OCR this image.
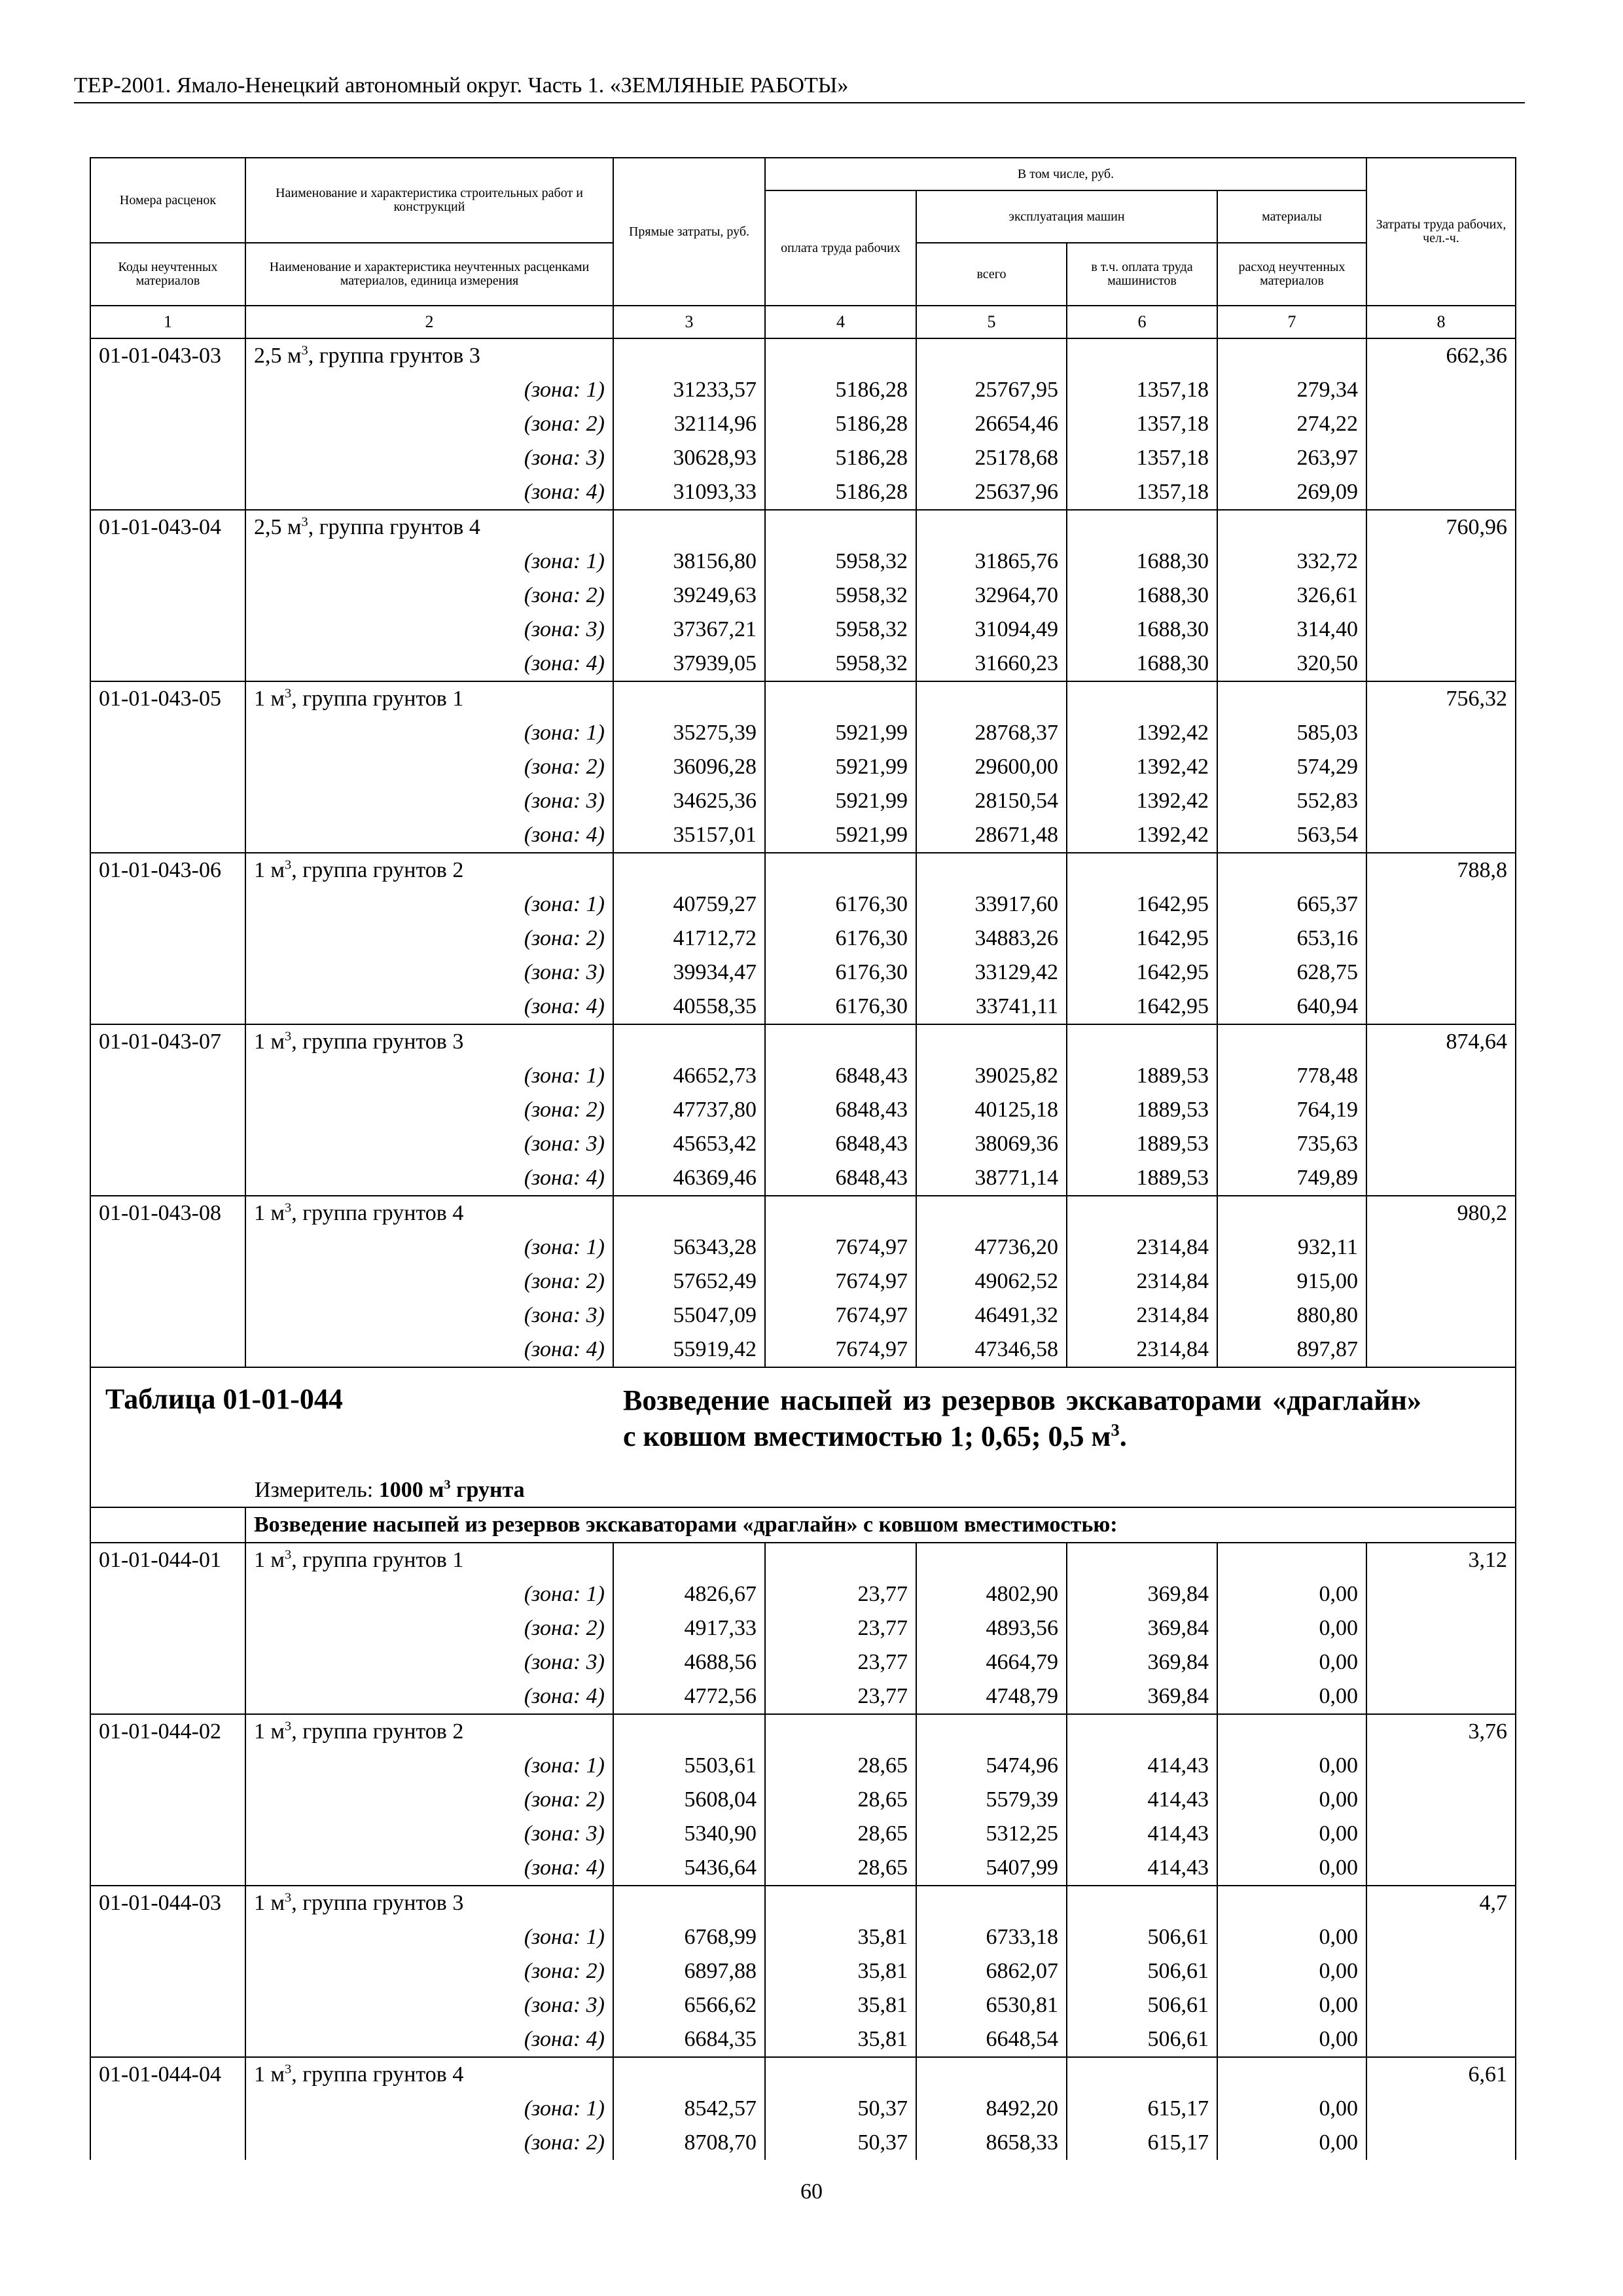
ТЕР-2001. Ямало-Ненецкий автономный округ. Часть 1. «ЗЕМЛЯНЫЕ РАБОТЫ»
Номера расценок	Наименование и характеристика строительных работ и конструкций	Прямые затраты, руб.	В том числе, руб.				Затраты труда рабочих, чел.-ч.
			оплата труда рабочих	эксплуатация машин		материалы	
Коды неучтенных материалов	Наименование и характеристика неучтенных расценками материалов, единица измерения			всего	в т.ч. оплата труда машинистов	расход неучтенных материалов	
1	2	3	4	5	6	7	8
01-01-043-03	2,5 $м^3$, группа грунтов 3						662,36
	(зона: 1)	31233,57	5186,28	25767,95	1357,18	279,34	
	(зона: 2)	32114,96	5186,28	26654,46	1357,18	274,22	
	(зона: 3)	30628,93	5186,28	25178,68	1357,18	263,97	
	(зона: 4)	31093,33	5186,28	25637,96	1357,18	269,09	
01-01-043-04	2,5 $м^3$, группа грунтов 4						760,96
	(зона: 1)	38156,80	5958,32	31865,76	1688,30	332,72	
	(зона: 2)	39249,63	5958,32	32964,70	1688,30	326,61	
	(зона: 3)	37367,21	5958,32	31094,49	1688,30	314,40	
	(зона: 4)	37939,05	5958,32	31660,23	1688,30	320,50	
01-01-043-05	1 $м^3$, группа грунтов 1						756,32
	(зона: 1)	35275,39	5921,99	28768,37	1392,42	585,03	
	(зона: 2)	36096,28	5921,99	29600,00	1392,42	574,29	
	(зона: 3)	34625,36	5921,99	28150,54	1392,42	552,83	
	(зона: 4)	35157,01	5921,99	28671,48	1392,42	563,54	
01-01-043-06	1 $м^3$, группа грунтов 2						788,8
	(зона: 1)	40759,27	6176,30	33917,60	1642,95	665,37	
	(зона: 2)	41712,72	6176,30	34883,26	1642,95	653,16	
	(зона: 3)	39934,47	6176,30	33129,42	1642,95	628,75	
	(зона: 4)	40558,35	6176,30	33741,11	1642,95	640,94	
01-01-043-07	1 $м^3$, группа грунтов 3						874,64
	(зона: 1)	46652,73	6848,43	39025,82	1889,53	778,48	
	(зона: 2)	47737,80	6848,43	40125,18	1889,53	764,19	
	(зона: 3)	45653,42	6848,43	38069,36	1889,53	735,63	
	(зона: 4)	46369,46	6848,43	38771,14	1889,53	749,89	
01-01-043-08	1 $м^3$, группа грунтов 4						980,2
	(зона: 1)	56343,28	7674,97	47736,20	2314,84	932,11	
	(зона: 2)	57652,49	7674,97	49062,52	2314,84	915,00	
	(зона: 3)	55047,09	7674,97	46491,32	2314,84	880,80	
	(зона: 4)	55919,42	7674,97	47346,58	2314,84	897,87	

Таблица 01-01-044 Возведение насыпей из резервов экскаваторами «драглайн» с ковшом вместимостью 1; 0,65; 0,5 $м^3$.
Измеритель: 1000 $м^3$ грунта							

	Возведение насыпей из резервов экскаваторами «драглайн» с ковшом вместимостью:						
01-01-044-01	1 $м^3$, группа грунтов 1						3,12
	(зона: 1)	4826,67	23,77	4802,90	369,84	0,00	
	(зона: 2)	4917,33	23,77	4893,56	369,84	0,00	
	(зона: 3)	4688,56	23,77	4664,79	369,84	0,00	
	(зона: 4)	4772,56	23,77	4748,79	369,84	0,00	
01-01-044-02	1 $м^3$, группа грунтов 2						3,76
	(зона: 1)	5503,61	28,65	5474,96	414,43	0,00	
	(зона: 2)	5608,04	28,65	5579,39	414,43	0,00	
	(зона: 3)	5340,90	28,65	5312,25	414,43	0,00	
	(зона: 4)	5436,64	28,65	5407,99	414,43	0,00	
01-01-044-03	1 $м^3$, группа грунтов 3						4,7
	(зона: 1)	6768,99	35,81	6733,18	506,61	0,00	
	(зона: 2)	6897,88	35,81	6862,07	506,61	0,00	
	(зона: 3)	6566,62	35,81	6530,81	506,61	0,00	
	(зона: 4)	6684,35	35,81	6648,54	506,61	0,00	
01-01-044-04	1 $м^3$, группа грунтов 4						6,61
	(зона: 1)	8542,57	50,37	8492,20	615,17	0,00	
	(зона: 2)	8708,70	50,37	8658,33	615,17	0,00	
60
